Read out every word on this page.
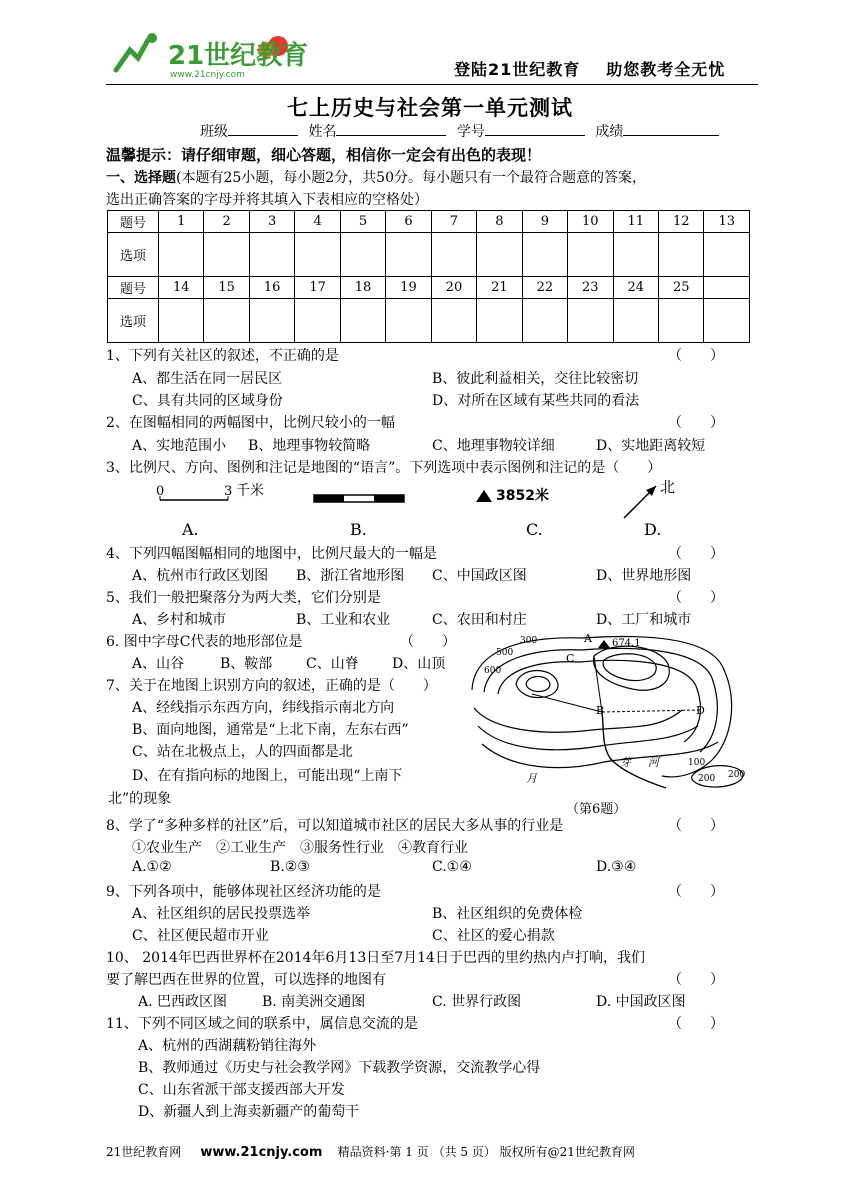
21世纪教育
www.21cnjy.com	登陆21世纪教育 助您教考全无忧
七上历史与社会第一单元测试
班级	姓名	学号	成绩
温馨提示：请仔细审题，细心答题，相信你一定会有出色的表现！
一、选择题(本题有25小题，每小题2分，共50分。每小题只有一个最符合题意的答案，
选出正确答案的字母并将其填入下表相应的空格处）
题号	1	2	3	4	5	6	7	8	9	10	11	12	13
选项													
题号	14	15	16	17	18	19	20	21	22	23	24	25	
选项													
1、下列有关社区的叙述，不正确的是	（　　）
A、都生活在同一居民区	B、彼此利益相关，交往比较密切
C、具有共同的区域身份	D、对所在区域有某些共同的看法
2、在图幅相同的两幅图中，比例尺较小的一幅	（　　）
A、实地范围小 B、地理事物较简略	C、地理事物较详细	D、实地距离较短
3、比例尺、方向、图例和注记是地图的“语言”。下列选项中表示图例和注记的是（　　）
0	3 千米	3852米	北
A.	B.	C.	D.
4、下列四幅图幅相同的地图中，比例尺最大的一幅是	（　　）
A、杭州市行政区划图 B、浙江省地形图 C、中国政区图	D、世界地形图
5、我们一般把聚落分为两大类，它们分别是	（　　）
A、乡村和城市	B、工业和农业	C、农田和村庄	D、工厂和城市
6. 图中字母C代表的地形部位是	（　　）
A、山谷	B、鞍部 C、山脊 D、山顶
7、关于在地图上识别方向的叙述，正确的是（　　）
A、经线指示东西方向，纬线指示南北方向
B、面向地图，通常是“上北下南，左东右西”
C、站在北极点上，人的四面都是北
D、在有指向标的地图上，可能出现“上南下
北”的现象
A
B
C
D
674.1
300
500
600
100
200 200
月
芽 河
（第6题）
8、学了“多种多样的社区”后，可以知道城市社区的居民大多从事的行业是	（　　）
①农业生产　②工业生产　③服务性行业　④教育行业
A.①②	B.②③	C.①④	D.③④
9、下列各项中，能够体现社区经济功能的是	（　　）
A、社区组织的居民投票选举	B、社区组织的免费体检
C、社区便民超市开业	C、社区的爱心捐款
10、 2014年巴西世界杯在2014年6月13日至7月14日于巴西的里约热内卢打响，我们
要了解巴西在世界的位置，可以选择的地图有	（　　）
A. 巴西政区图 B. 南美洲交通图	C. 世界行政图	D. 中国政区图
11、下列不同区域之间的联系中，属信息交流的是	（　　）
A、杭州的西湖藕粉销往海外
B、教师通过《历史与社会教学网》下载教学资源，交流教学心得
C、山东省派干部支援西部大开发
D、新疆人到上海卖新疆产的葡萄干
21世纪教育网 www.21cnjy.com 精品资料·第 1 页 （共 5 页） 版权所有@21世纪教育网
